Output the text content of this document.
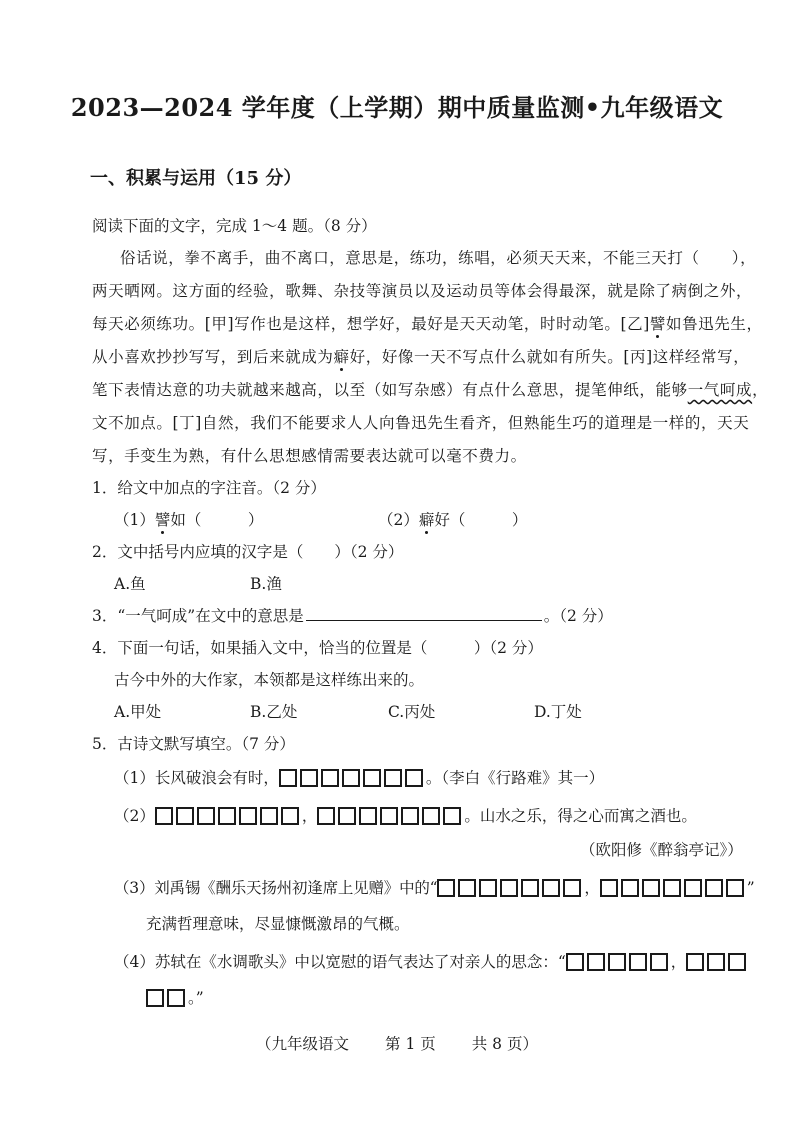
2023—2024 学年度（上学期）期中质量监测•九年级语文
一、积累与运用（15 分）
阅读下面的文字，完成 1～4 题。（8 分）
俗话说，拳不离手，曲不离口，意思是，练功，练唱，必须天天来，不能三天打（　　），
两天晒网。这方面的经验，歌舞、杂技等演员以及运动员等体会得最深，就是除了病倒之外，
每天必须练功。[甲]写作也是这样，想学好，最好是天天动笔，时时动笔。[乙]譬如鲁迅先生，
从小喜欢抄抄写写，到后来就成为癖好，好像一天不写点什么就如有所失。[丙]这样经常写，
笔下表情达意的功夫就越来越高，以至（如写杂感）有点什么意思，提笔伸纸，能够一气呵成，
文不加点。[丁]自然，我们不能要求人人向鲁迅先生看齐，但熟能生巧的道理是一样的，天天
写，手变生为熟，有什么思想感情需要表达就可以毫不费力。
1．给文中加点的字注音。（2 分）
（1）譬如（　　　）	（2）癖好（　　　）
2．文中括号内应填的汉字是（　　）（2 分）
A.鱼	B.渔
3．“一气呵成”在文中的意思是	。（2 分）
4．下面一句话，如果插入文中，恰当的位置是（　　　）（2 分）
古今中外的大作家，本领都是这样练出来的。
A.甲处	B.乙处	C.丙处	D.丁处
5．古诗文默写填空。（7 分）
（1）长风破浪会有时，	。（李白《行路难》其一）
（2）	，	。山水之乐，得之心而寓之酒也。
（欧阳修《醉翁亭记》）
（3）刘禹锡《酬乐天扬州初逢席上见赠》中的“	，	”
充满哲理意味，尽显慷慨激昂的气概。
（4）苏轼在《水调歌头》中以宽慰的语气表达了对亲人的思念：“	，
。”
（九年级语文 第 1 页 共 8 页）
